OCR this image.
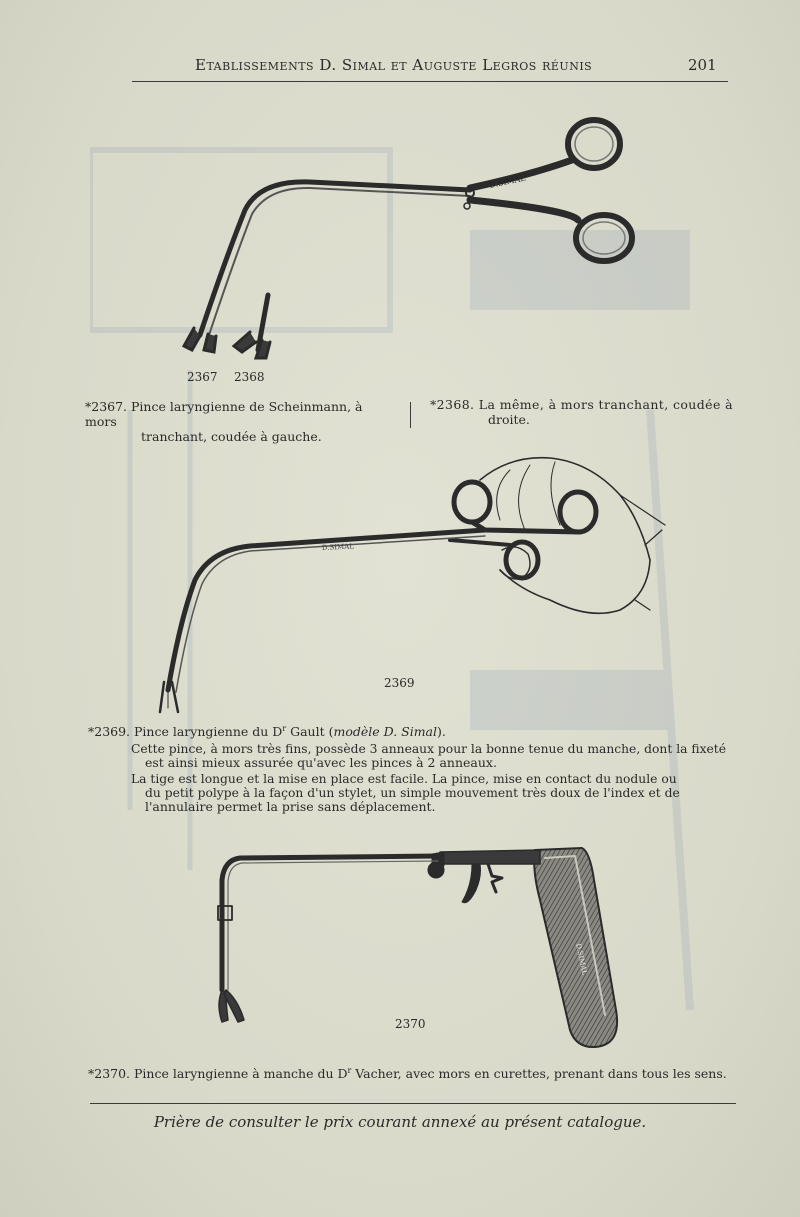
Etablissements D. Simal et Auguste Legros réunis	201
D.SIMAL
2367 2368
*2367. Pince laryngienne de Scheinmann, à mors
tranchant, coudée à gauche.
*2368. La même, à mors tranchant, coudée à
droite.
D.SIMAL
2369
*2369. Pince laryngienne du $D^r$ Gault (modèle D. Simal).
Cette pince, à mors très fins, possède 3 anneaux pour la bonne tenue du manche, dont la fixeté
est ainsi mieux assurée qu'avec les pinces à 2 anneaux.
La tige est longue et la mise en place est facile. La pince, mise en contact du nodule ou
du petit polype à la façon d'un stylet, un simple mouvement très doux de l'index et de
l'annulaire permet la prise sans déplacement.
D.SIMAL
2370
*2370. Pince laryngienne à manche du $D^r$ Vacher, avec mors en curettes, prenant dans tous les sens.
Prière de consulter le prix courant annexé au présent catalogue.
